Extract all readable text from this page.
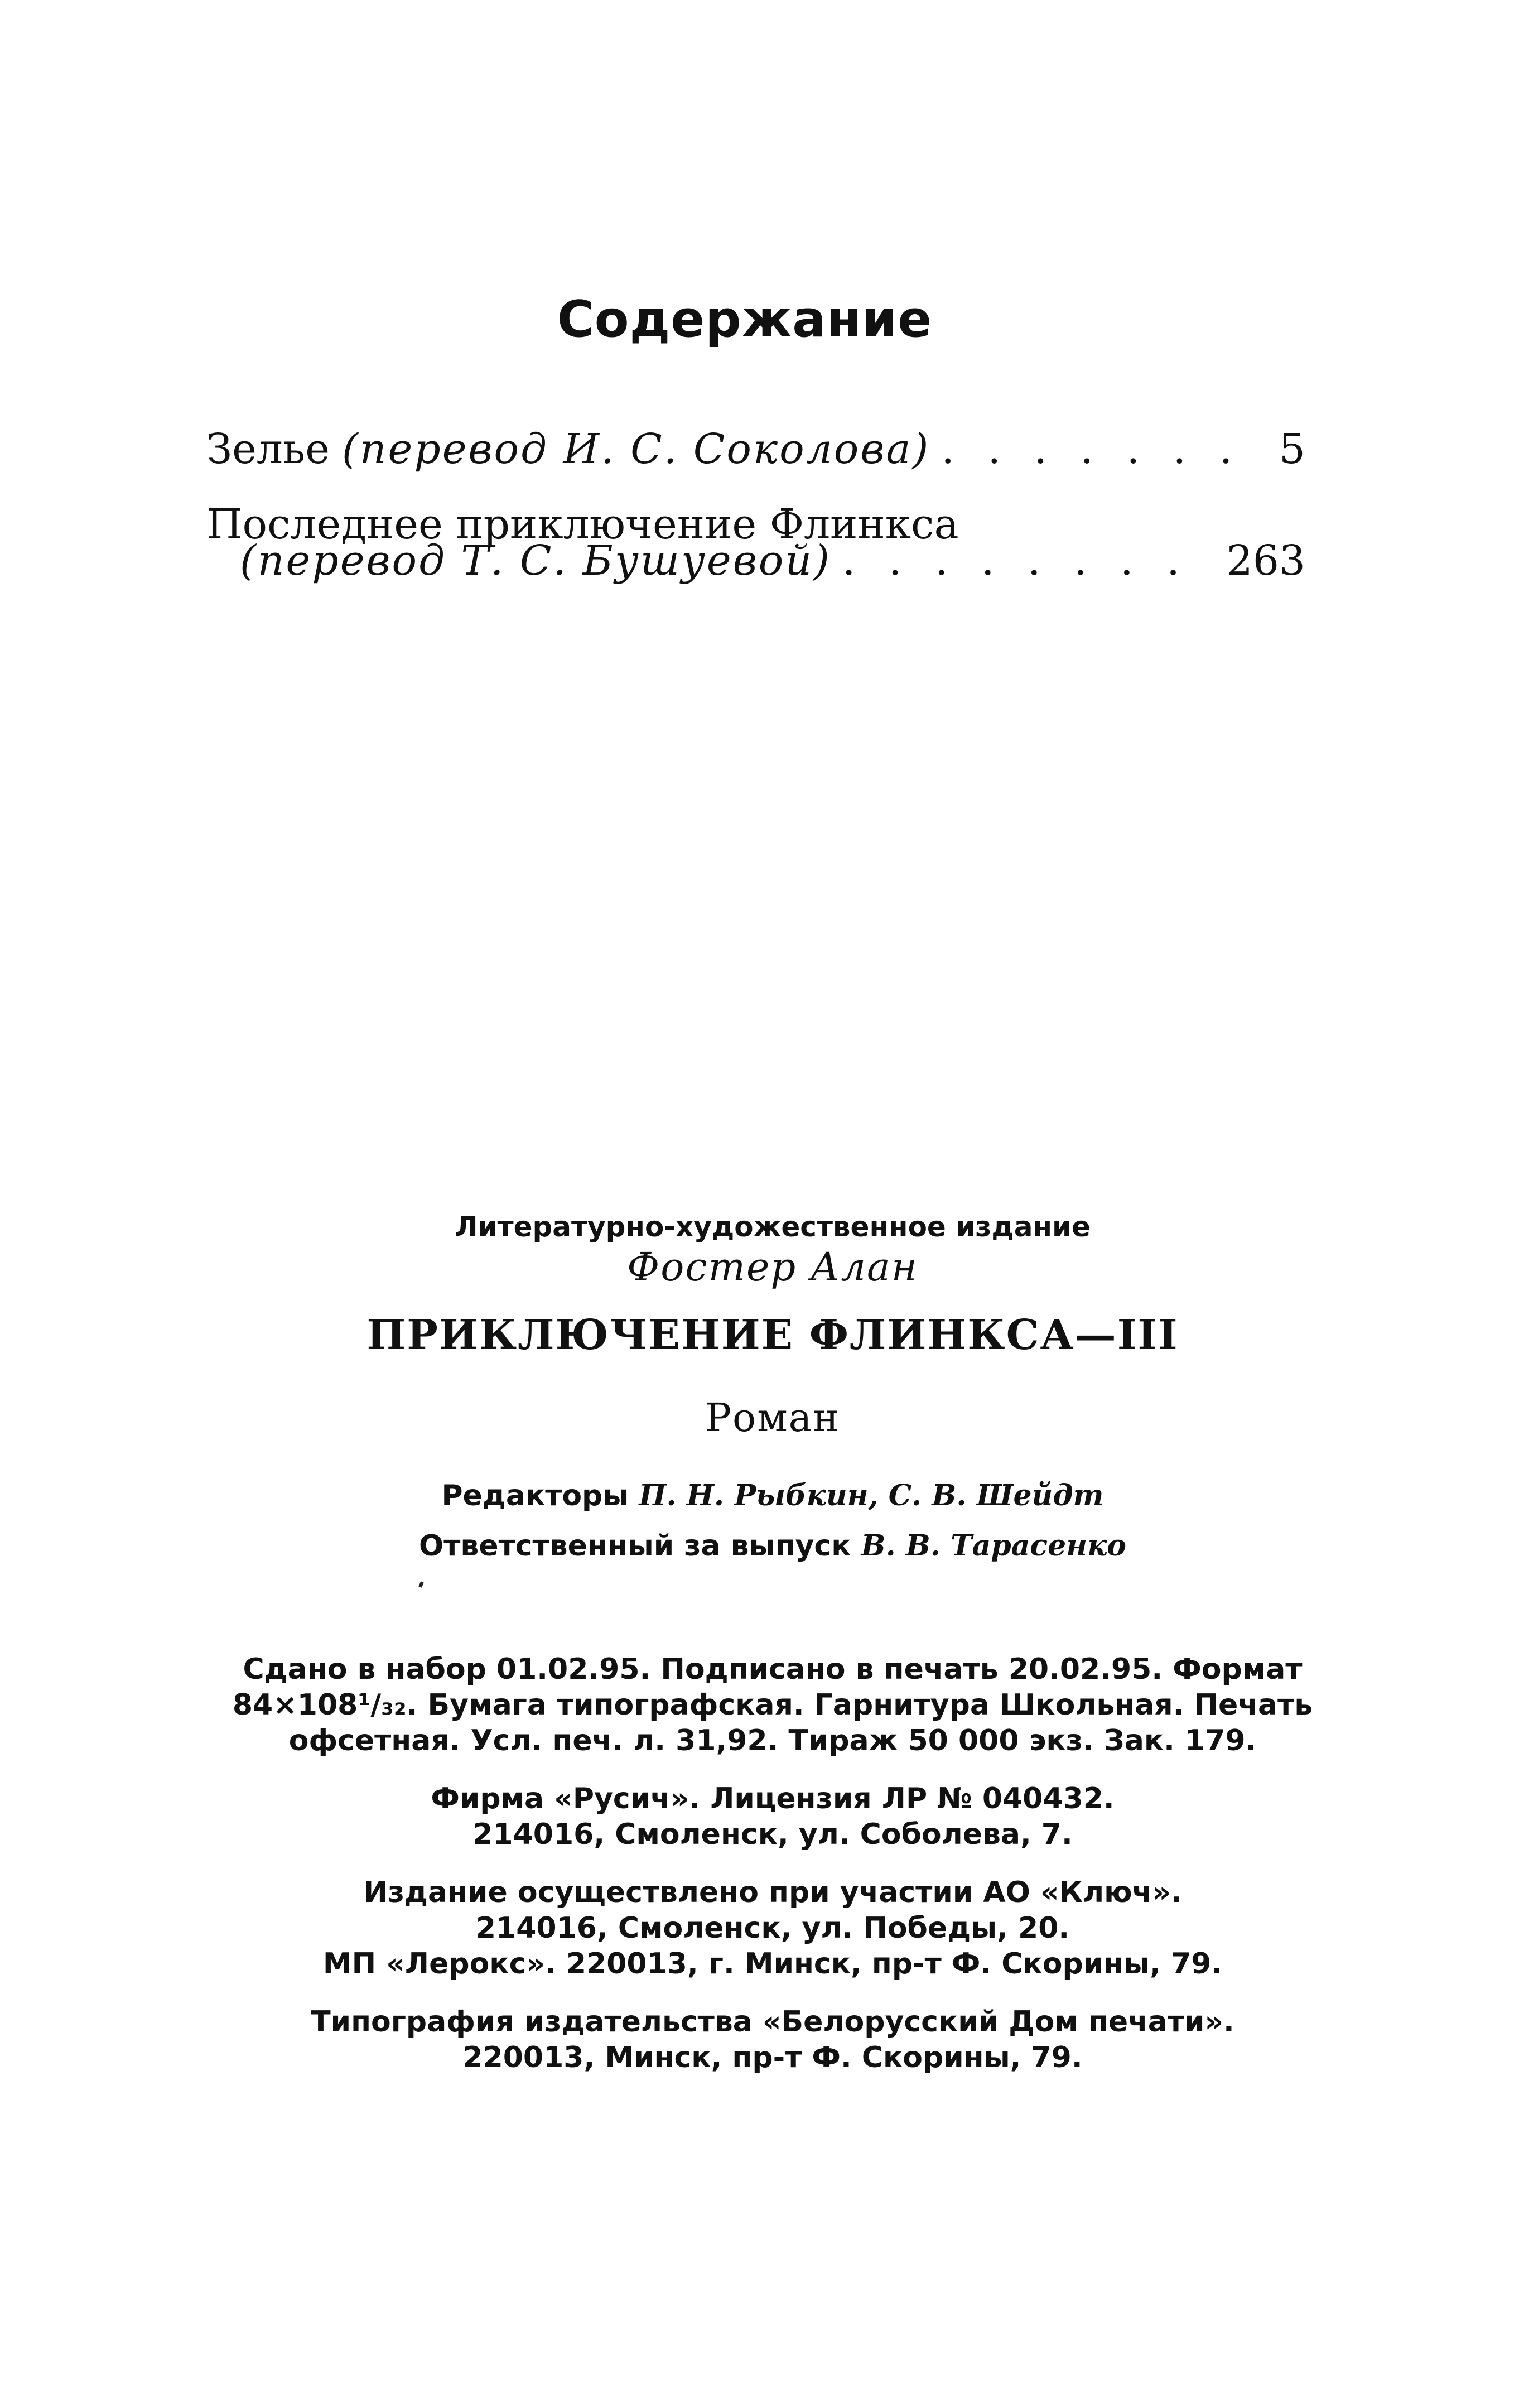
Содержание
Зелье (перевод И. С. Соколова) . . .	5
Последнее приключение Флинкса
(перевод Т. С. Бушуевой) . . .	263
Литературно-художественное издание
Фостер Алан
ПРИКЛЮЧЕНИЕ ФЛИНКСА—III
Роман
Редакторы П. Н. Рыбкин, С. В. Шейдт
Ответственный за выпуск В. В. Тарасенко
Сдано в набор 01.02.95. Подписано в печать 20.02.95. Формат
84×108¹/₃₂. Бумага типографская. Гарнитура Школьная. Печать
офсетная. Усл. печ. л. 31,92. Тираж 50 000 экз. Зак. 179.
Фирма «Русич». Лицензия ЛР № 040432.
214016, Смоленск, ул. Соболева, 7.
Издание осуществлено при участии АО «Ключ».
214016, Смоленск, ул. Победы, 20.
МП «Лерокс». 220013, г. Минск, пр-т Ф. Скорины, 79.
Типография издательства «Белорусский Дом печати».
220013, Минск, пр-т Ф. Скорины, 79.
